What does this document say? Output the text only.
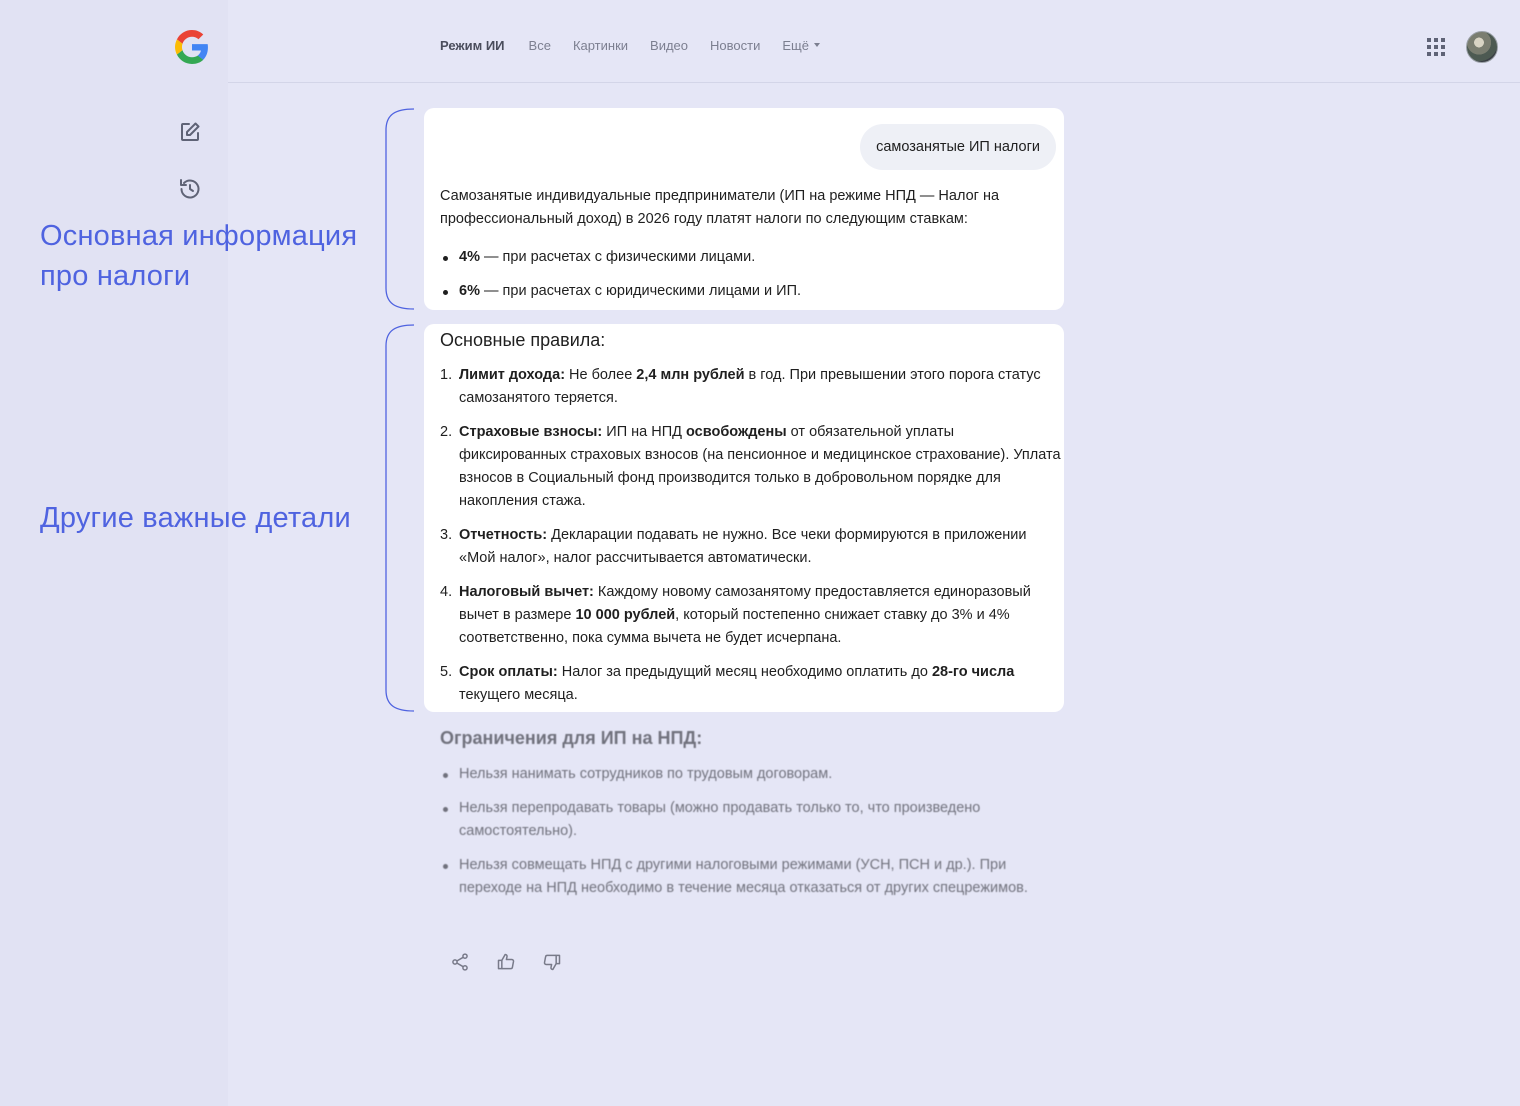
Режим ИИ Все Картинки Видео Новости Ещё
Основная информация про налоги
Другие важные детали
самозанятые ИП налоги
Самозанятые индивидуальные предприниматели (ИП на режиме НПД — Налог на профессиональный доход) в 2026 году платят налоги по следующим ставкам:
4% — при расчетах с физическими лицами.
6% — при расчетах с юридическими лицами и ИП.
Основные правила:
1. Лимит дохода: Не более 2,4 млн рублей в год. При превышении этого порога статус самозанятого теряется.
2. Страховые взносы: ИП на НПД освобождены от обязательной уплаты фиксированных страховых взносов (на пенсионное и медицинское страхование). Уплата взносов в Социальный фонд производится только в добровольном порядке для накопления стажа.
3. Отчетность: Декларации подавать не нужно. Все чеки формируются в приложении «Мой налог», налог рассчитывается автоматически.
4. Налоговый вычет: Каждому новому самозанятому предоставляется единоразовый вычет в размере 10 000 рублей, который постепенно снижает ставку до 3% и 4% соответственно, пока сумма вычета не будет исчерпана.
5. Срок оплаты: Налог за предыдущий месяц необходимо оплатить до 28-го числа текущего месяца.
Ограничения для ИП на НПД:
Нельзя нанимать сотрудников по трудовым договорам.
Нельзя перепродавать товары (можно продавать только то, что произведено самостоятельно).
Нельзя совмещать НПД с другими налоговыми режимами (УСН, ПСН и др.). При переходе на НПД необходимо в течение месяца отказаться от других спецрежимов.
